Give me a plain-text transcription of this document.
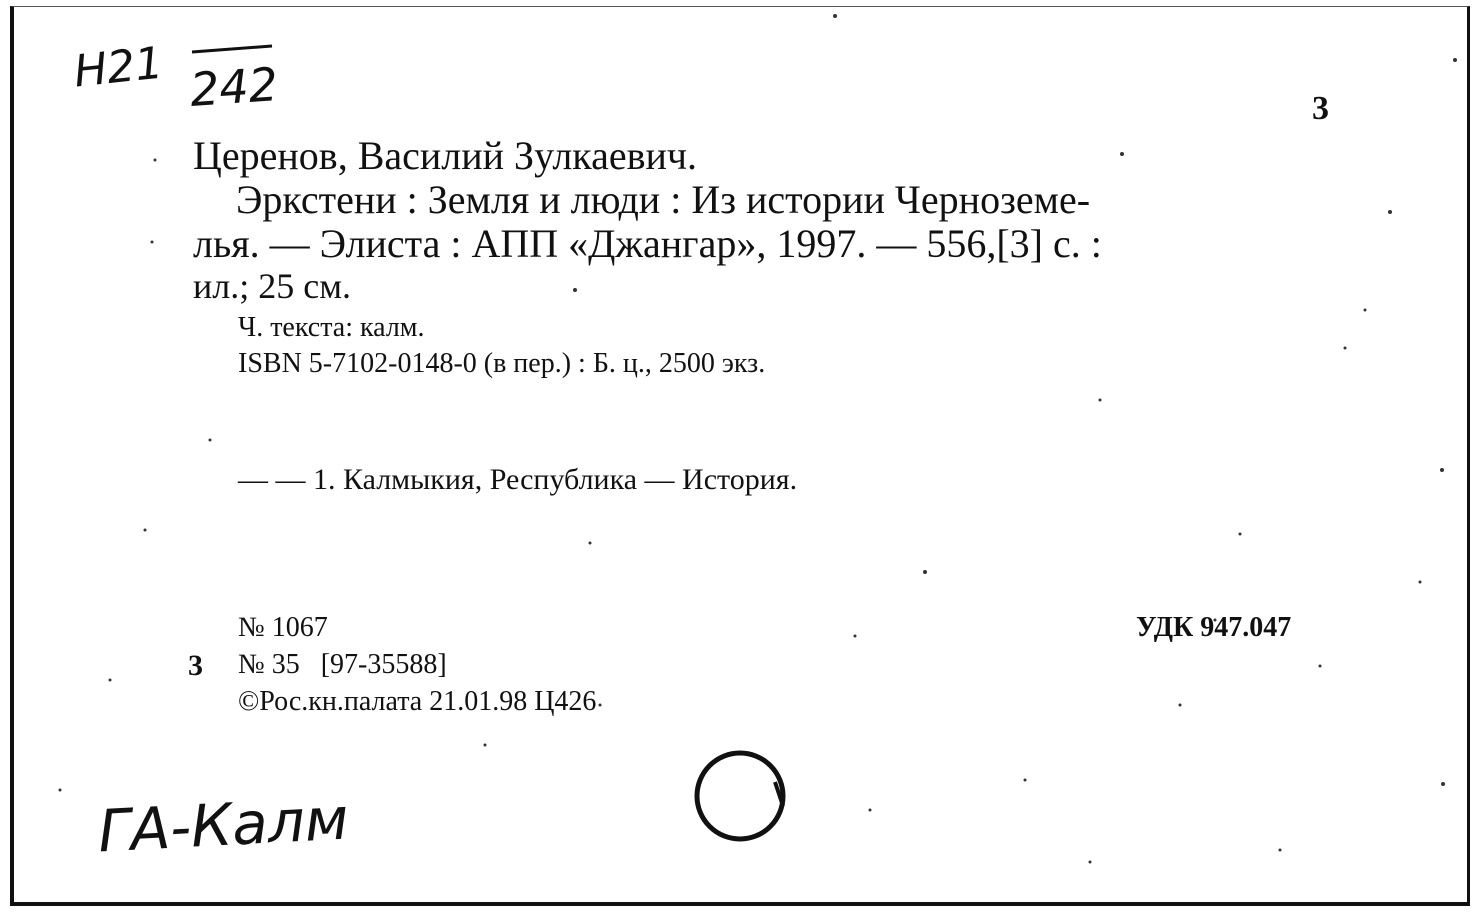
Н21 242	3
Церенов, Василий Зулкаевич.
Эркстени : Земля и люди : Из истории Черноземе-
лья. — Элиста : АПП «Джангар», 1997. — 556,[3] с. :
ил.; 25 см.
Ч. текста: калм.
ISBN 5-7102-0148-0 (в пер.) : Б. ц., 2500 экз.
— — 1. Калмыкия, Республика — История.
№ 1067	УДК 947.047
3 № 35   [97-35588]
©Рос.кн.палата 21.01.98 Ц426
ГА-Калм
